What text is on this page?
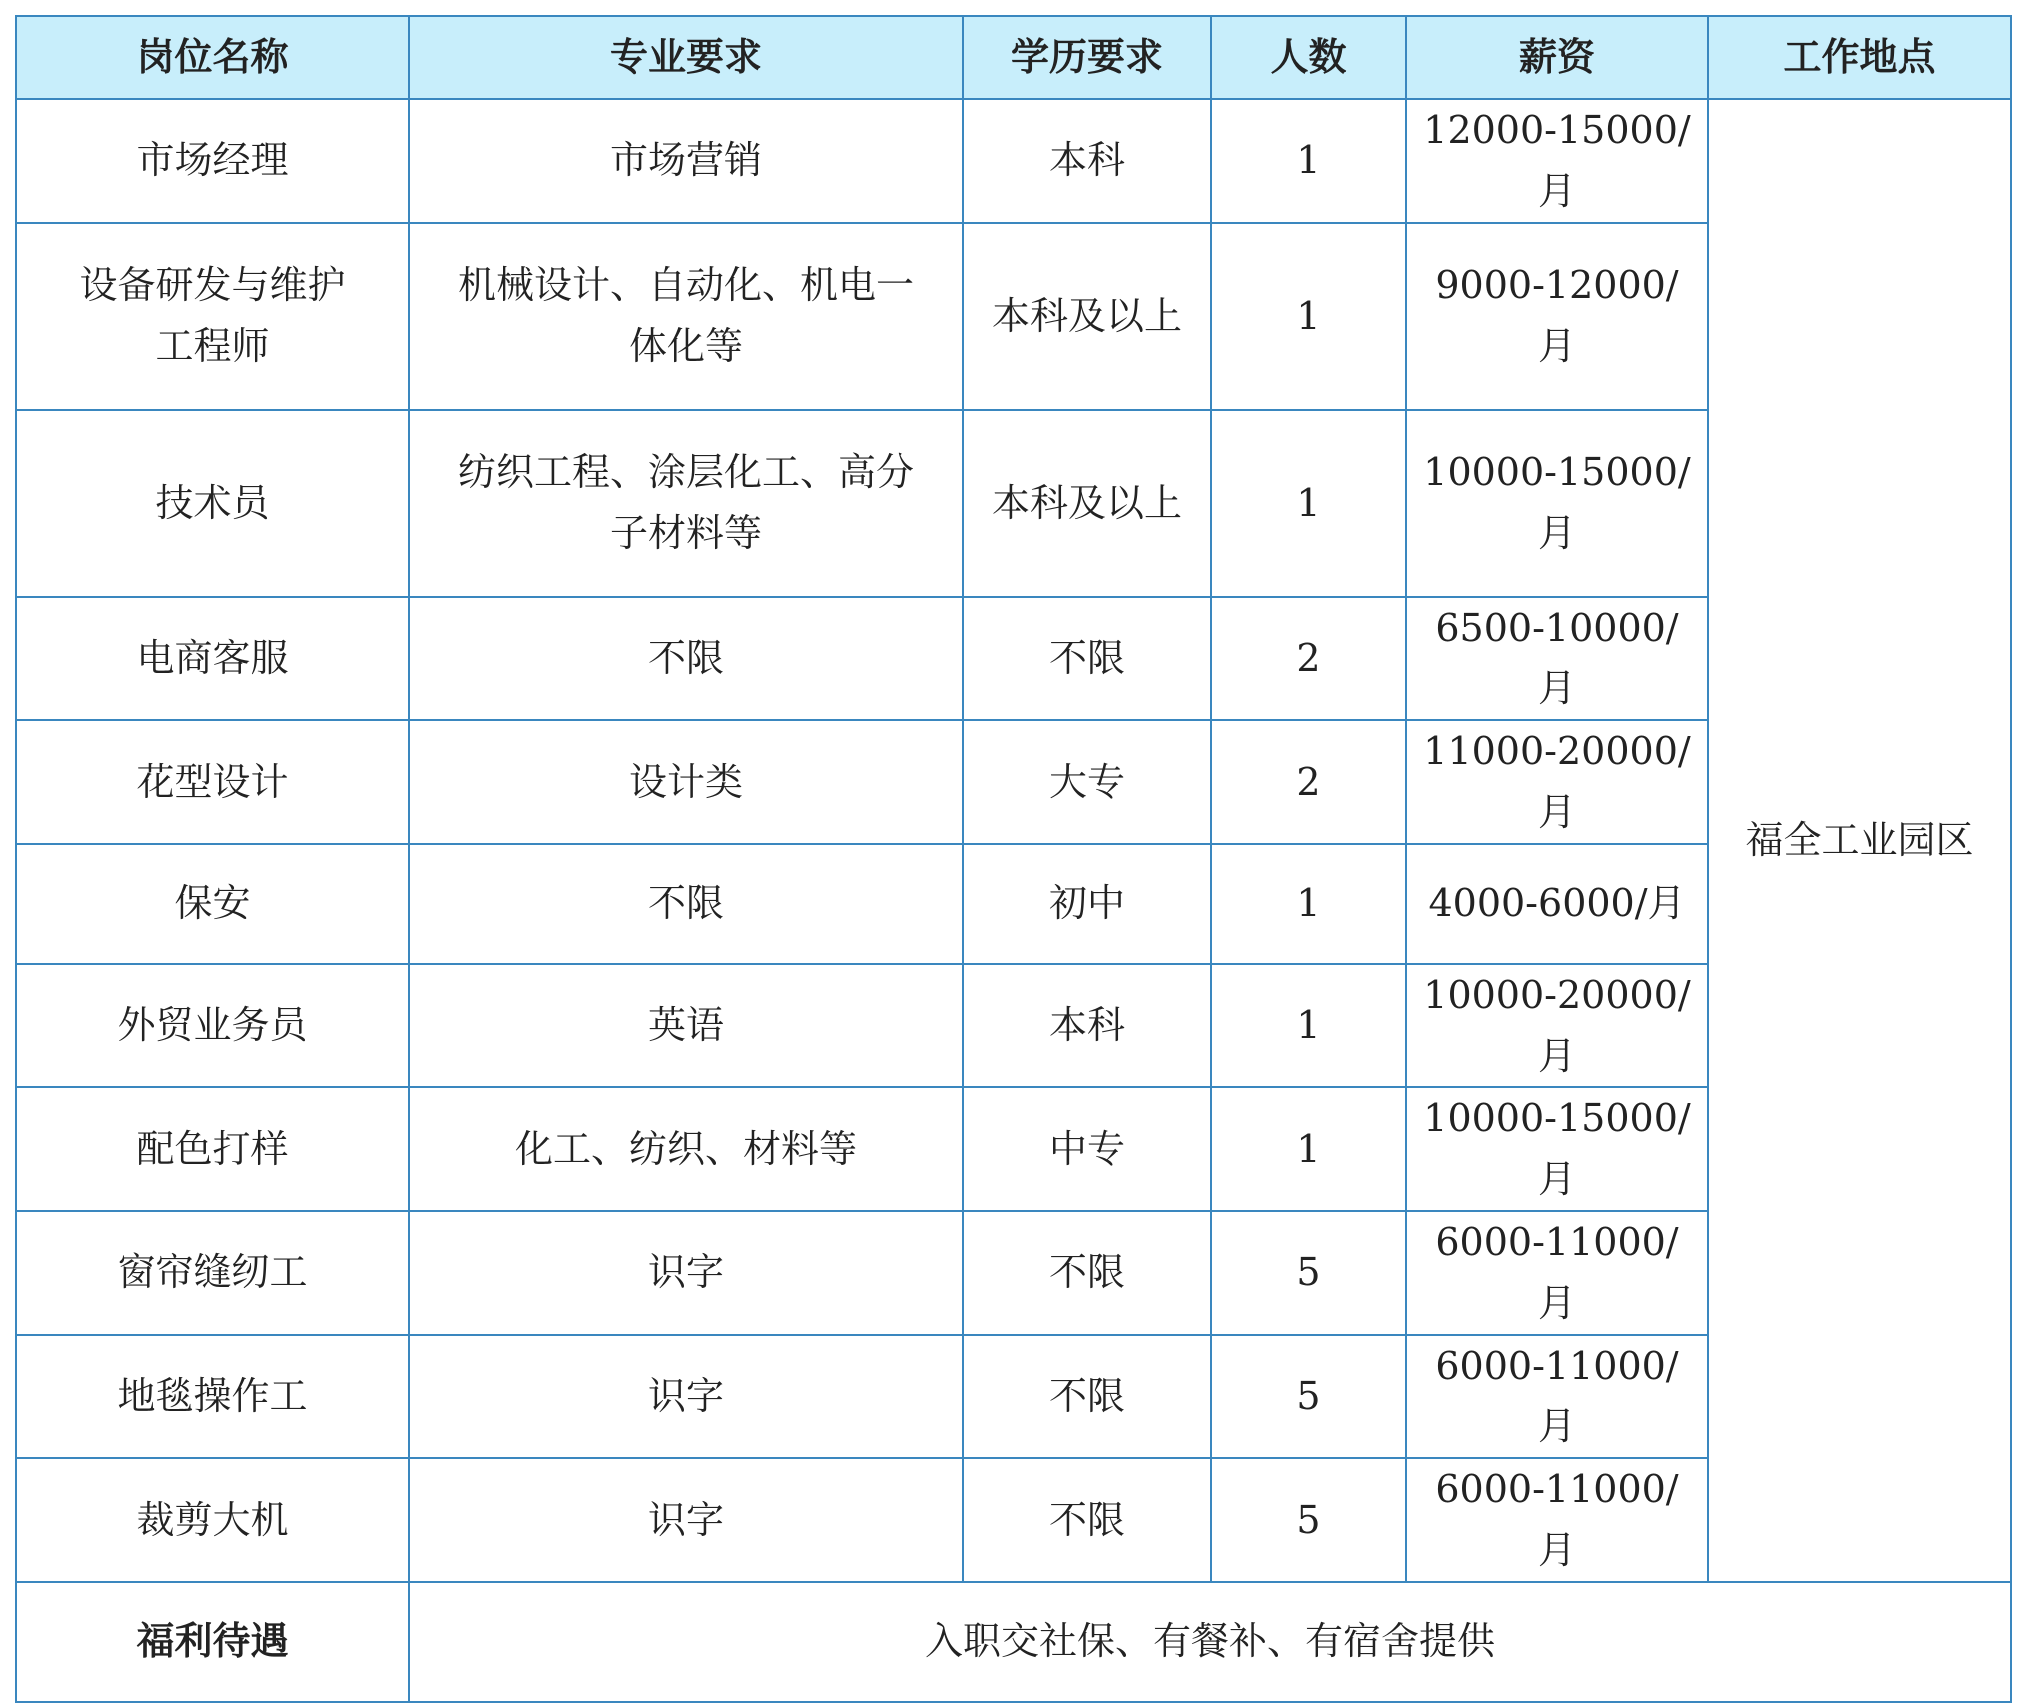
岗位名称	专业要求	学历要求	人数	薪资	工作地点
市场经理	市场营销	本科	1	12000-15000/月	福全工业园区
设备研发与维护工程师	机械设计、自动化、机电一体化等	本科及以上	1	9000-12000/月	
技术员	纺织工程、涂层化工、高分子材料等	本科及以上	1	10000-15000/月	
电商客服	不限	不限	2	6500-10000/月	
花型设计	设计类	大专	2	11000-20000/月	
保安	不限	初中	1	4000-6000/月	
外贸业务员	英语	本科	1	10000-20000/月	
配色打样	化工、纺织、材料等	中专	1	10000-15000/月	
窗帘缝纫工	识字	不限	5	6000-11000/月	
地毯操作工	识字	不限	5	6000-11000/月	
裁剪大机	识字	不限	5	6000-11000/月	
福利待遇	入职交社保、有餐补、有宿舍提供				
